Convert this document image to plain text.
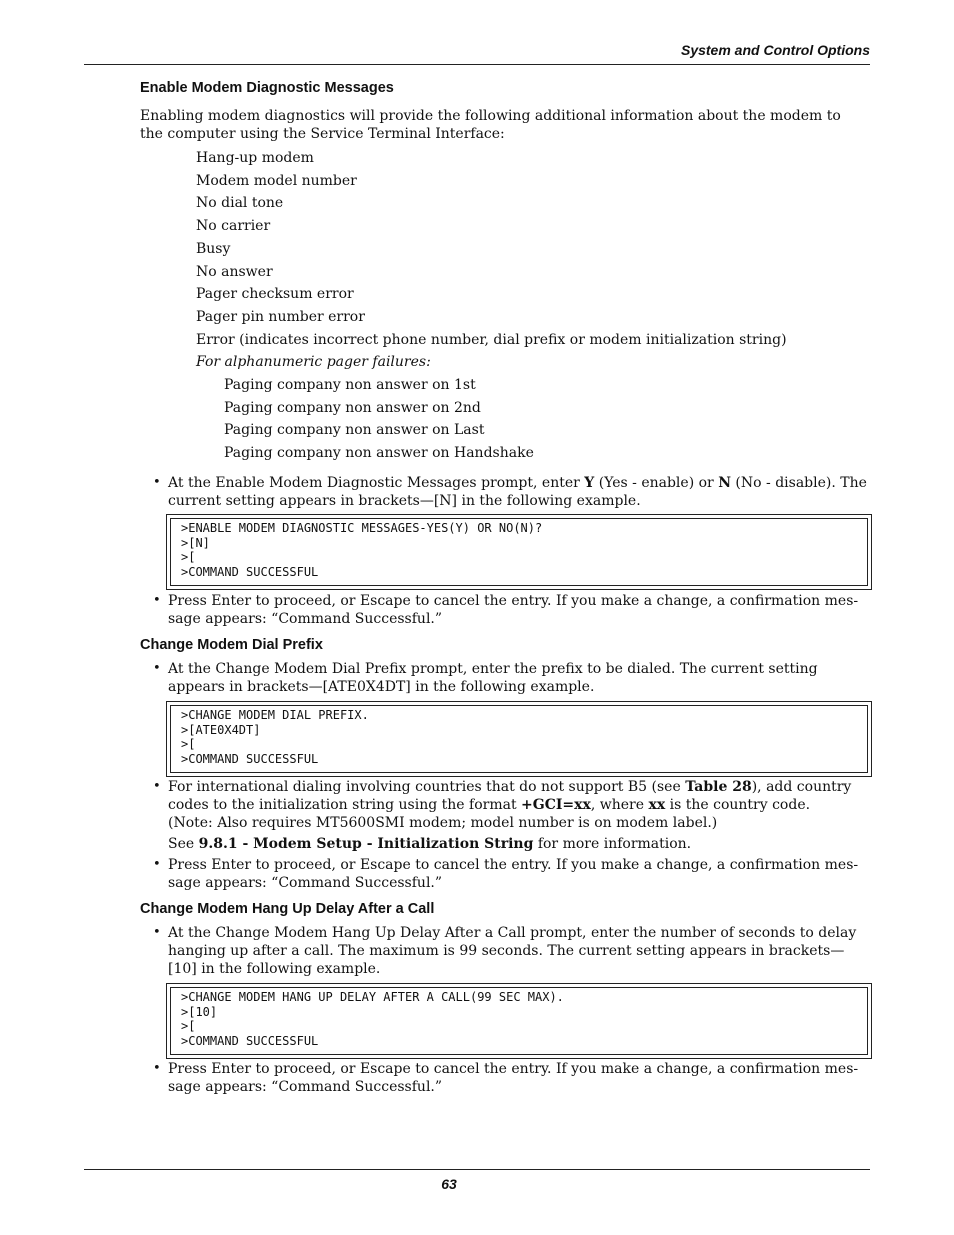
System and Control Options
Enable Modem Diagnostic Messages
Enabling modem diagnostics will provide the following additional information about the modem to
the computer using the Service Terminal Interface:
Hang-up modem
Modem model number
No dial tone
No carrier
Busy
No answer
Pager checksum error
Pager pin number error
Error (indicates incorrect phone number, dial prefix or modem initialization string)
For alphanumeric pager failures:
Paging company non answer on 1st
Paging company non answer on 2nd
Paging company non answer on Last
Paging company non answer on Handshake
• At the Enable Modem Diagnostic Messages prompt, enter Y (Yes - enable) or N (No - disable). The
current setting appears in brackets—[N] in the following example.
>ENABLE MODEM DIAGNOSTIC MESSAGES-YES(Y) OR NO(N)?
>[N]
>[
>COMMAND SUCCESSFUL
• Press Enter to proceed, or Escape to cancel the entry. If you make a change, a confirmation mes-
sage appears: “Command Successful.”
Change Modem Dial Prefix
• At the Change Modem Dial Prefix prompt, enter the prefix to be dialed. The current setting
appears in brackets—[ATE0X4DT] in the following example.
>CHANGE MODEM DIAL PREFIX.
>[ATE0X4DT]
>[
>COMMAND SUCCESSFUL
• For international dialing involving countries that do not support B5 (see Table 28), add country
codes to the initialization string using the format +GCI=xx, where xx is the country code.
(Note: Also requires MT5600SMI modem; model number is on modem label.)
See 9.8.1 - Modem Setup - Initialization String for more information.
• Press Enter to proceed, or Escape to cancel the entry. If you make a change, a confirmation mes-
sage appears: “Command Successful.”
Change Modem Hang Up Delay After a Call
• At the Change Modem Hang Up Delay After a Call prompt, enter the number of seconds to delay
hanging up after a call. The maximum is 99 seconds. The current setting appears in brackets—
[10] in the following example.
>CHANGE MODEM HANG UP DELAY AFTER A CALL(99 SEC MAX).
>[10]
>[
>COMMAND SUCCESSFUL
• Press Enter to proceed, or Escape to cancel the entry. If you make a change, a confirmation mes-
sage appears: “Command Successful.”
63
